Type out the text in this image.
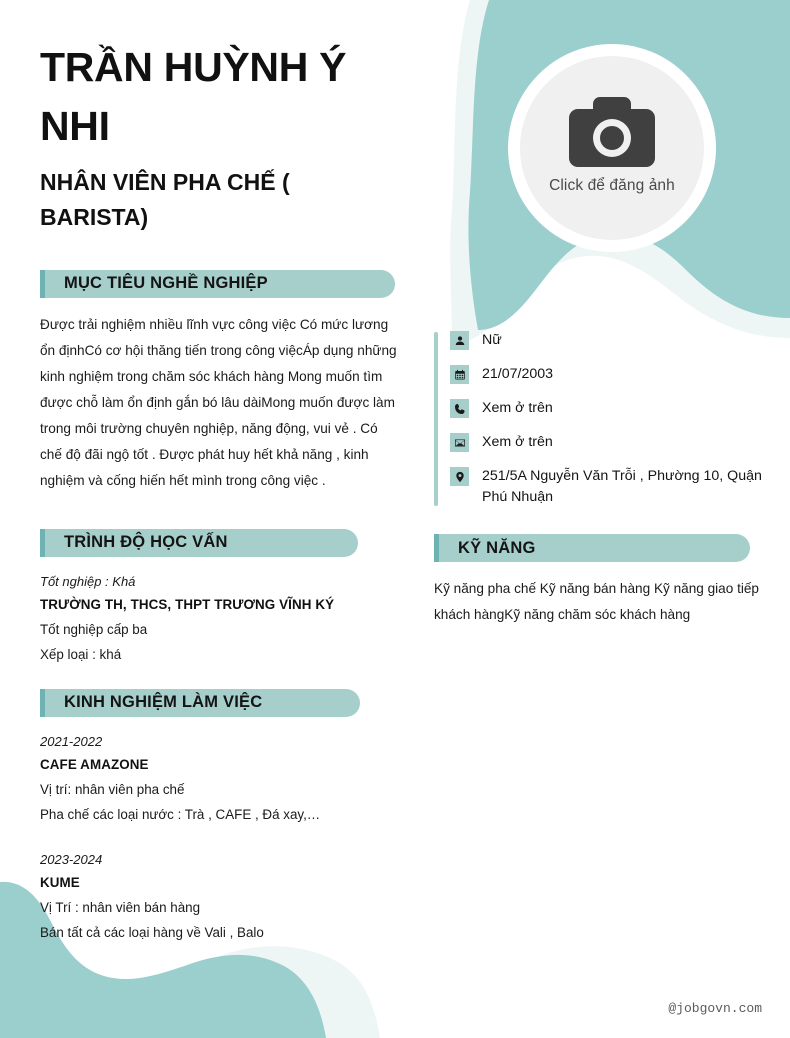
Click để đăng ảnh
TRẦN HUỲNH Ý NHI
NHÂN VIÊN PHA CHẾ ( BARISTA)
MỤC TIÊU NGHỀ NGHIỆP
Được trải nghiệm nhiều lĩnh vực công việc Có mức lương ổn địnhCó cơ hội thăng tiến trong công việcÁp dụng những kinh nghiệm trong chăm sóc khách hàng Mong muốn tìm được chỗ làm ổn định gắn bó lâu dàiMong muốn được làm trong môi trường chuyên nghiệp, năng động, vui vẻ . Có chế độ đãi ngộ tốt . Được phát huy hết khả năng , kinh nghiệm và cống hiến hết mình trong công việc .
TRÌNH ĐỘ HỌC VẤN
Tốt nghiệp : Khá
TRƯỜNG TH, THCS, THPT TRƯƠNG VĨNH KÝ
Tốt nghiệp cấp ba
Xếp loại : khá
KINH NGHIỆM LÀM VIỆC
2021-2022
CAFE AMAZONE
Vị trí: nhân viên pha chế
Pha chế các loại nước : Trà , CAFE , Đá xay,…
2023-2024
KUME
Vị Trí : nhân viên bán hàng
Bán tất cả các loại hàng về Vali , Balo
Nữ
21/07/2003
Xem ở trên
Xem ở trên
251/5A Nguyễn Văn Trỗi , Phường 10, Quận Phú Nhuận
KỸ NĂNG
Kỹ năng pha chế Kỹ năng bán hàng Kỹ năng giao tiếp khách hàngKỹ năng chăm sóc khách hàng
@jobgovn.com
